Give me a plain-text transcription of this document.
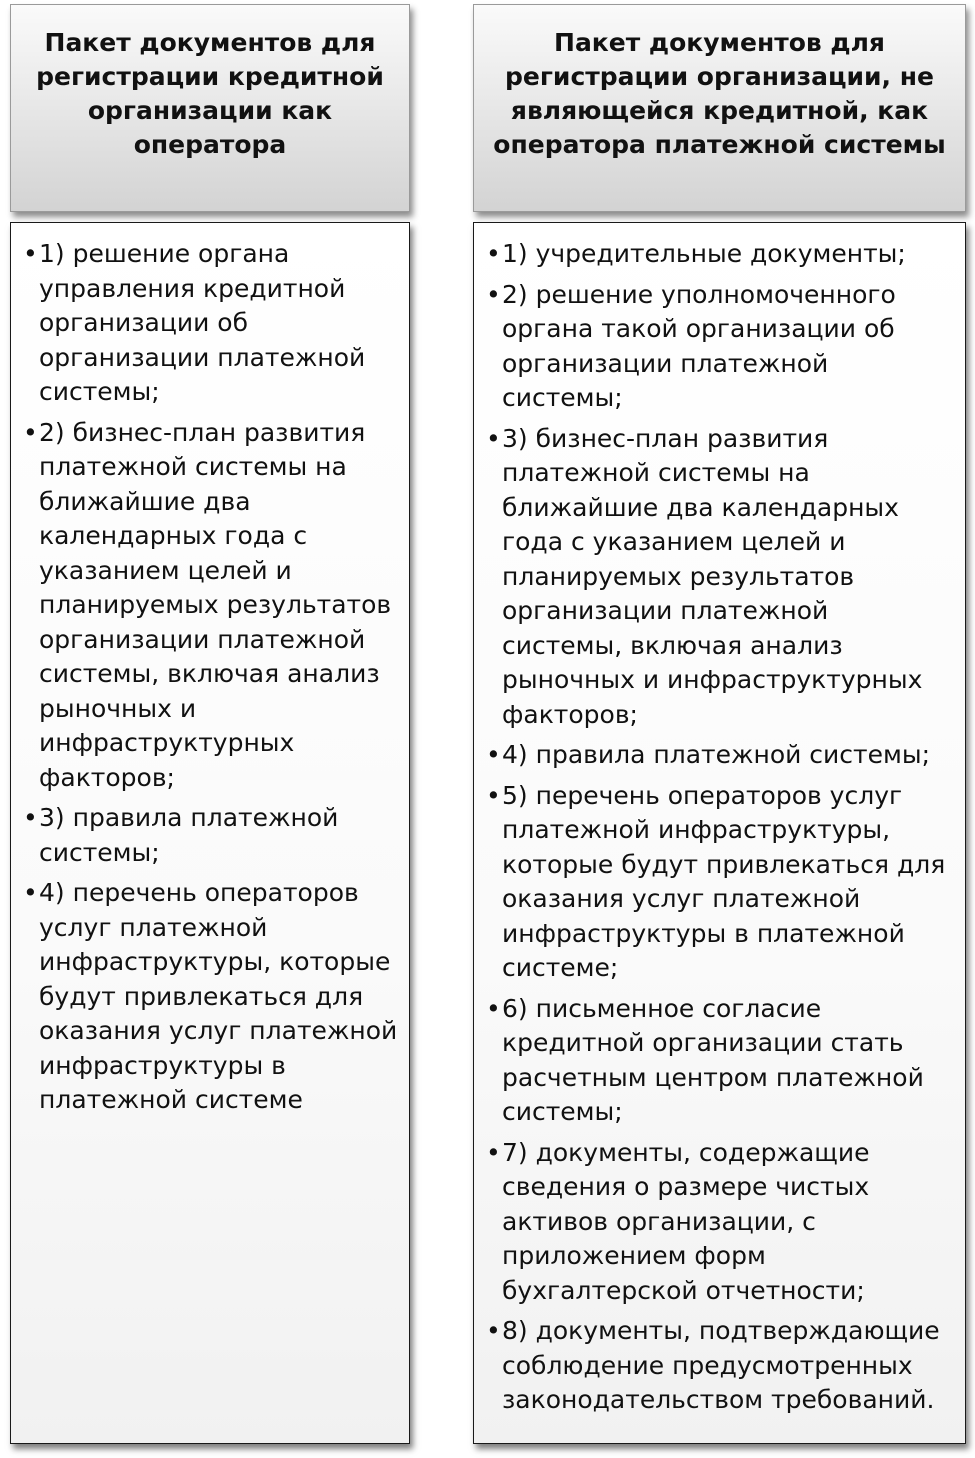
Пакет документов для
регистрации кредитной
организации как
оператора
• 1) решение органа
управления кредитной
организации об
организации платежной
системы;
• 2) бизнес-план развития
платежной системы на
ближайшие два
календарных года с
указанием целей и
планируемых результатов
организации платежной
системы, включая анализ
рыночных и
инфраструктурных
факторов;
• 3) правила платежной
системы;
• 4) перечень операторов
услуг платежной
инфраструктуры, которые
будут привлекаться для
оказания услуг платежной
инфраструктуры в
платежной системе
Пакет документов для
регистрации организации, не
являющейся кредитной, как
оператора платежной системы
• 1) учредительные документы;
• 2) решение уполномоченного
органа такой организации об
организации платежной
системы;
• 3) бизнес-план развития
платежной системы на
ближайшие два календарных
года с указанием целей и
планируемых результатов
организации платежной
системы, включая анализ
рыночных и инфраструктурных
факторов;
• 4) правила платежной системы;
• 5) перечень операторов услуг
платежной инфраструктуры,
которые будут привлекаться для
оказания услуг платежной
инфраструктуры в платежной
системе;
• 6) письменное согласие
кредитной организации стать
расчетным центром платежной
системы;
• 7) документы, содержащие
сведения о размере чистых
активов организации, с
приложением форм
бухгалтерской отчетности;
• 8) документы, подтверждающие
соблюдение предусмотренных
законодательством требований.
